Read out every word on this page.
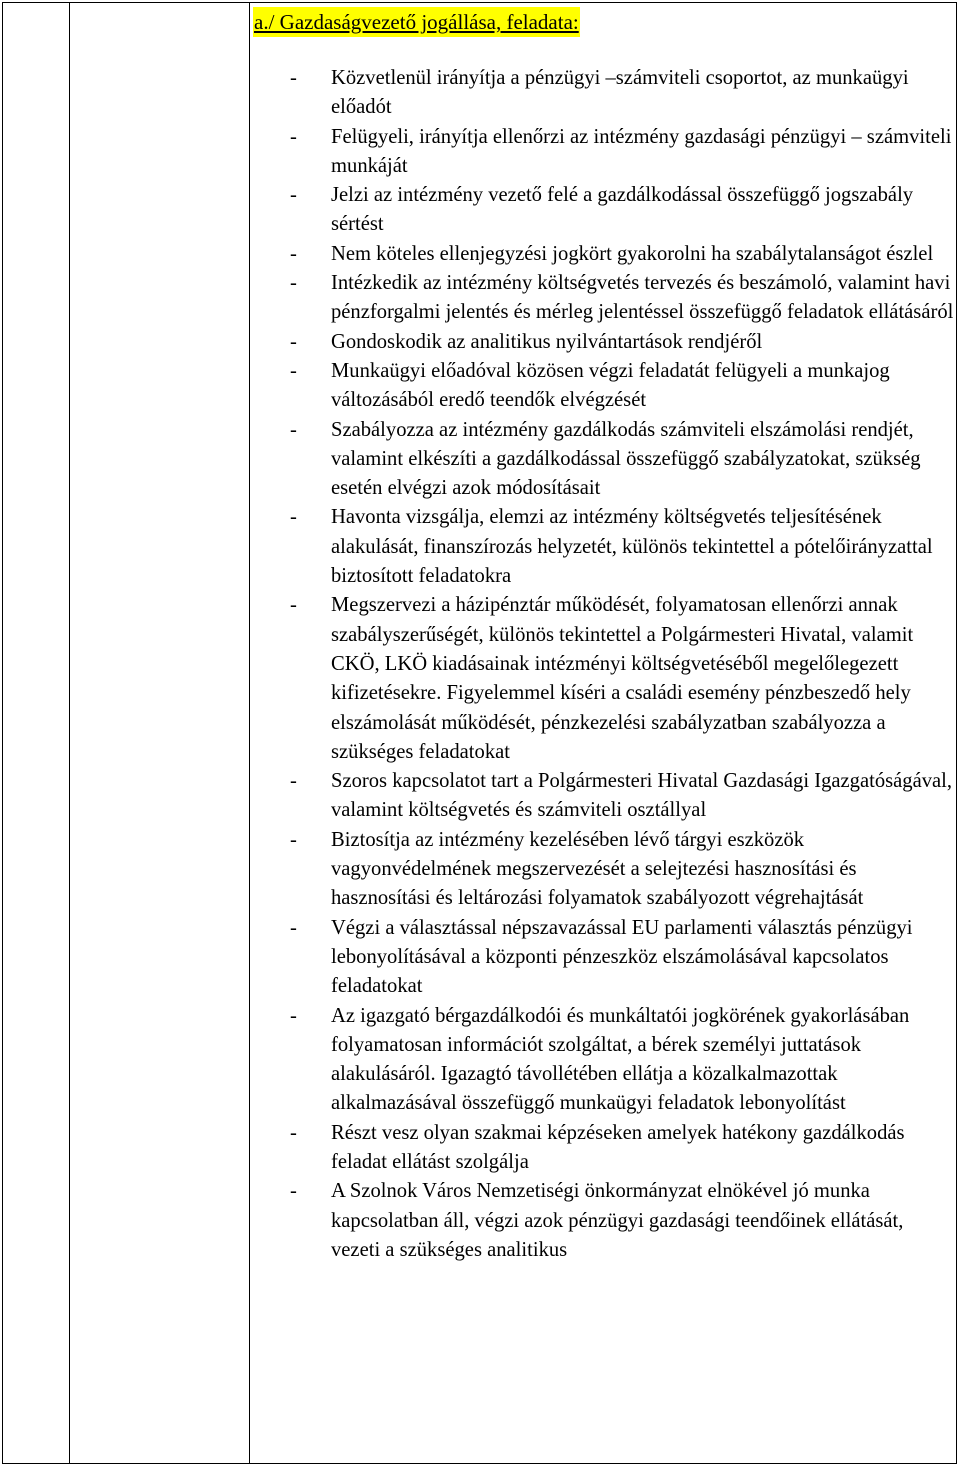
a./ Gazdaságvezető jogállása, feladata:
- Közvetlenül irányítja a pénzügyi –számviteli csoportot, az munkaügyi előadót
- Felügyeli, irányítja ellenőrzi az intézmény gazdasági pénzügyi – számviteli munkáját
- Jelzi az intézmény vezető felé a gazdálkodással összefüggő jogszabály sértést
- Nem köteles ellenjegyzési jogkört gyakorolni ha szabálytalanságot észlel
- Intézkedik az intézmény költségvetés tervezés és beszámoló, valamint havi pénzforgalmi jelentés és mérleg jelentéssel összefüggő feladatok ellátásáról
- Gondoskodik az analitikus nyilvántartások rendjéről
- Munkaügyi előadóval közösen végzi feladatát felügyeli a munkajog változásából eredő teendők elvégzését
- Szabályozza az intézmény gazdálkodás számviteli elszámolási rendjét, valamint elkészíti a gazdálkodással összefüggő szabályzatokat, szükség esetén elvégzi azok módosításait
- Havonta vizsgálja, elemzi az intézmény költségvetés teljesítésének alakulását, finanszírozás helyzetét, különös tekintettel a pótelőirányzattal biztosított feladatokra
- Megszervezi a házipénztár működését, folyamatosan ellenőrzi annak szabályszerűségét, különös tekintettel a Polgármesteri Hivatal, valamit CKÖ, LKÖ kiadásainak intézményi költségvetéséből megelőlegezett kifizetésekre. Figyelemmel kíséri a családi esemény pénzbeszedő hely elszámolását működését, pénzkezelési szabályzatban szabályozza a szükséges feladatokat
- Szoros kapcsolatot tart a Polgármesteri Hivatal Gazdasági Igazgatóságával, valamint költségvetés és számviteli osztállyal
- Biztosítja az intézmény kezelésében lévő tárgyi eszközök vagyonvédelmének megszervezését a selejtezési hasznosítási és hasznosítási és leltározási folyamatok szabályozott végrehajtását
- Végzi a választással népszavazással EU parlamenti választás pénzügyi lebonyolításával a központi pénzeszköz elszámolásával kapcsolatos feladatokat
- Az igazgató bérgazdálkodói és munkáltatói jogkörének gyakorlásában folyamatosan információt szolgáltat, a bérek személyi juttatások alakulásáról. Igazagtó távollétében ellátja a közalkalmazottak alkalmazásával összefüggő munkaügyi feladatok lebonyolítást
- Részt vesz olyan szakmai képzéseken amelyek hatékony gazdálkodás feladat ellátást szolgálja
- A Szolnok Város Nemzetiségi önkormányzat elnökével jó munka kapcsolatban áll, végzi azok pénzügyi gazdasági teendőinek ellátását, vezeti a szükséges analitikus
